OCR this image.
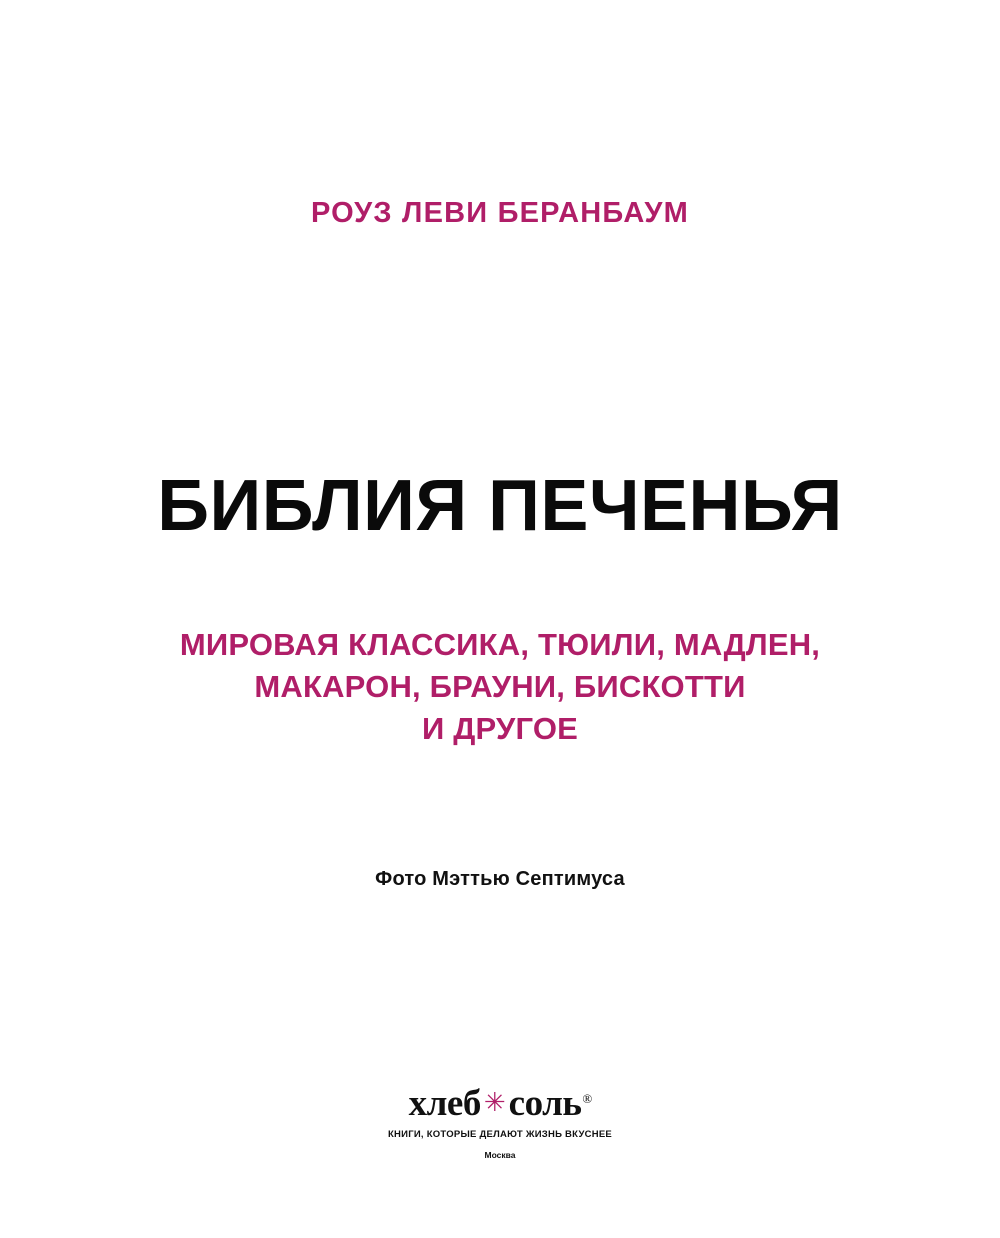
РОУЗ ЛЕВИ БЕРАНБАУМ
БИБЛИЯ ПЕЧЕНЬЯ
МИРОВАЯ КЛАССИКА, ТЮИЛИ, МАДЛЕН,
МАКАРОН, БРАУНИ, БИСКОТТИ
И ДРУГОЕ
Фото Мэттью Септимуса
хлеб ✳ соль ®
КНИГИ, КОТОРЫЕ ДЕЛАЮТ ЖИЗНЬ ВКУСНЕЕ
Москва
